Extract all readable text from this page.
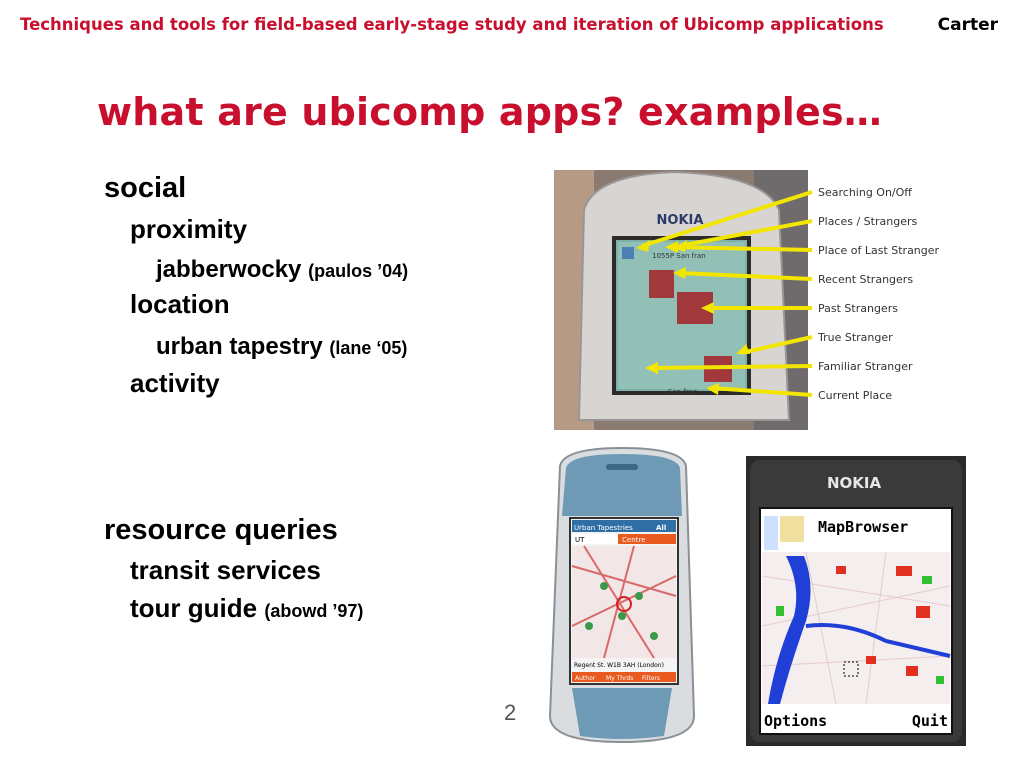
Techniques and tools for field-based early-stage study and iteration of Ubicomp applications	Carter
what are ubicomp apps? examples…
social
proximity
jabberwocky (paulos ’04)
location
urban tapestry (lane ‘05)
activity
resource queries
transit services
tour guide (abowd ’97)
NOKIA
1055P San fran
San fran
Searching On/Off
Places / Strangers
Place of Last Stranger
Recent Strangers
Past Strangers
True Stranger
Familiar Stranger
Current Place
Urban Tapestries	All
UT	Centre
Regent St. W1B 3AH (London)
Author My Thrds Filters
NOKIA
MapBrowser
Options	Quit
2
